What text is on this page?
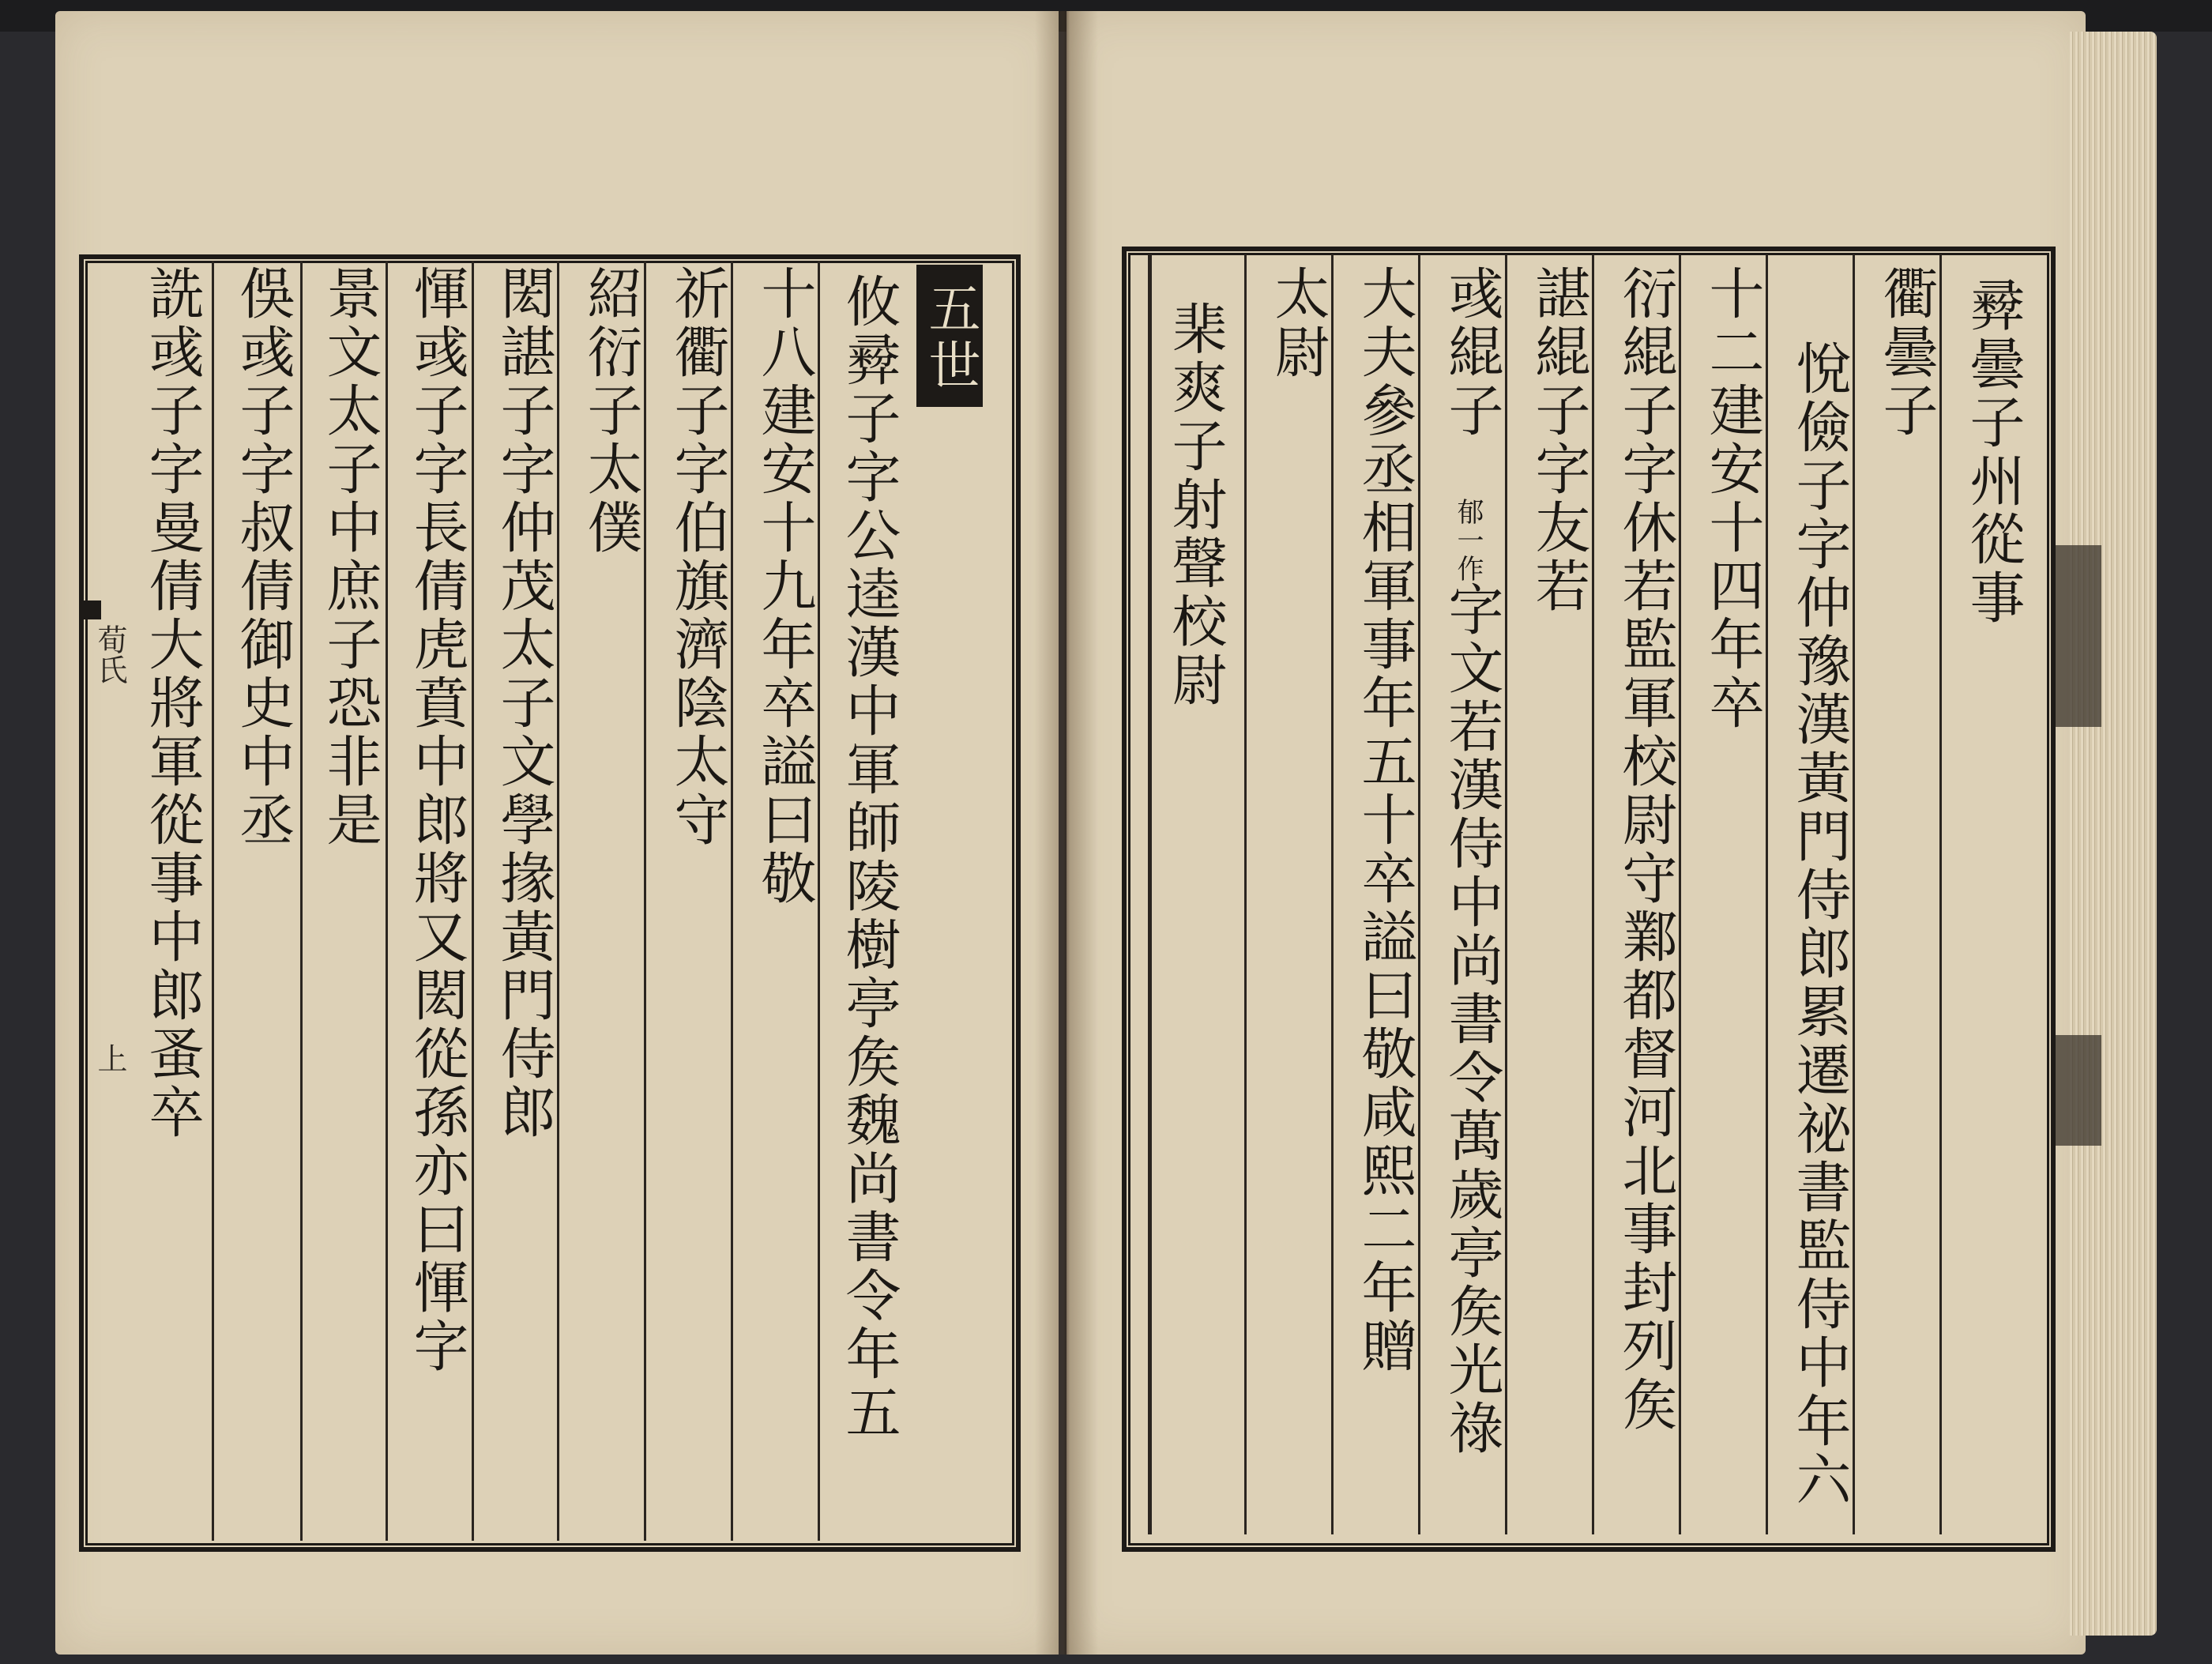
荀氏
上
五世
攸彛子字公逵漢中軍師陵樹亭矦魏尚書令年五
十八建安十九年卒謚曰敬
祈衢子字伯旗濟陰太守
紹衍子太僕
閎諶子字仲茂太子文學掾黃門侍郎
惲彧子字長倩虎賁中郎將又閎從孫亦曰惲字
景文太子中庶子恐非是
俁彧子字叔倩御史中丞
詵彧子字曼倩大將軍從事中郎蚤卒	彛曇子州從事
衢曇子
悅儉子字仲豫漢黃門侍郎累遷祕書監侍中年六
十二建安十四年卒
衍緄子字休若監軍校尉守鄴都督河北事封列矦
諶緄子字友若
彧緄子
郁一作
字文若漢侍中尚書令萬歲亭矦光祿
大夫參丞相軍事年五十卒謚曰敬咸熙二年贈
太尉
棐爽子射聲校尉
